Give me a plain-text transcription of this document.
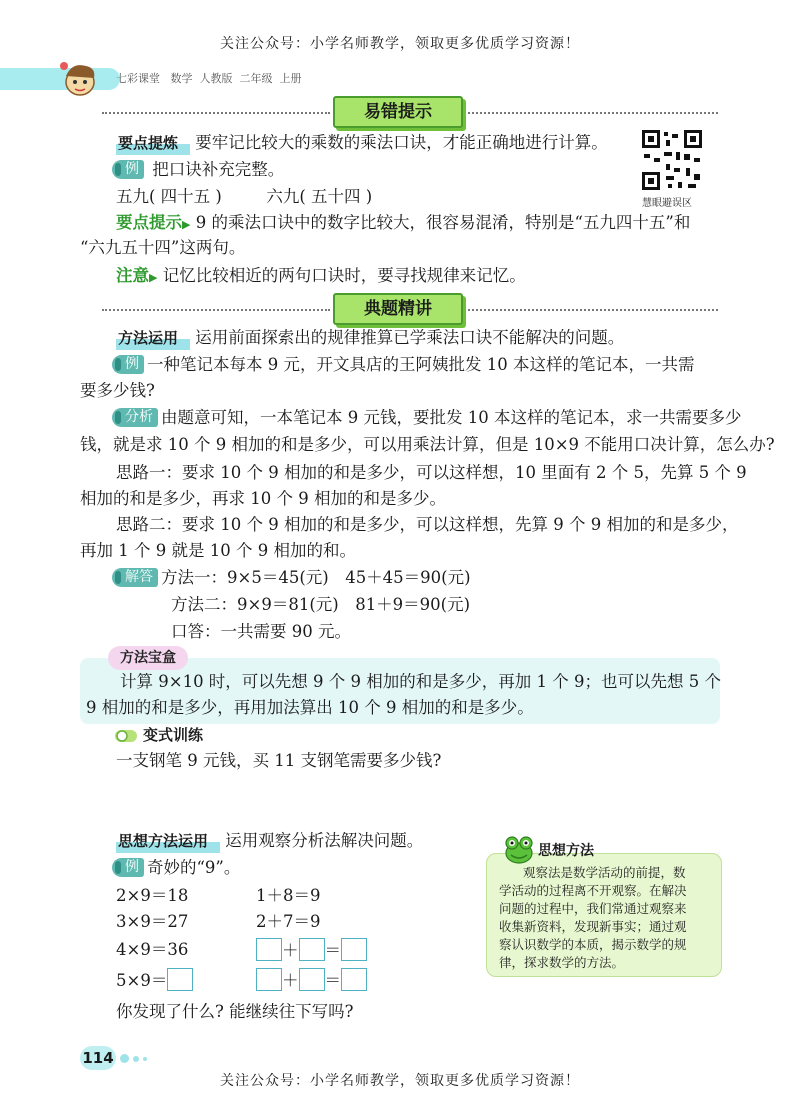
关注公众号：小学名师教学，领取更多优质学习资源！
七彩课堂 数学 人教版 二年级 上册
易错提示
要点提炼 要牢记比较大的乘数的乘法口诀，才能正确地进行计算。
慧眼避误区
例 把口诀补充完整。
五九( 四十五 )	六九( 五十四 )
要点提示▶ 9 的乘法口诀中的数字比较大，很容易混淆，特别是“五九四十五”和
“六九五十四”这两句。
注意▶ 记忆比较相近的两句口诀时，要寻找规律来记忆。
典题精讲
方法运用 运用前面探索出的规律推算已学乘法口诀不能解决的问题。
例 一种笔记本每本 9 元，开文具店的王阿姨批发 10 本这样的笔记本，一共需
要多少钱?
分析 由题意可知，一本笔记本 9 元钱，要批发 10 本这样的笔记本，求一共需要多少
钱，就是求 10 个 9 相加的和是多少，可以用乘法计算，但是 10×9 不能用口决计算，怎么办?
思路一：要求 10 个 9 相加的和是多少，可以这样想，10 里面有 2 个 5，先算 5 个 9
相加的和是多少，再求 10 个 9 相加的和是多少。
思路二：要求 10 个 9 相加的和是多少，可以这样想，先算 9 个 9 相加的和是多少，
再加 1 个 9 就是 10 个 9 相加的和。
解答 方法一：9×5＝45(元)　45＋45＝90(元)
方法二：9×9＝81(元)　81＋9＝90(元)
口答：一共需要 90 元。
计算 9×10 时，可以先想 9 个 9 相加的和是多少，再加 1 个 9；也可以先想 5 个
9 相加的和是多少，再用加法算出 10 个 9 相加的和是多少。
方法宝盒
变式训练
一支钢笔 9 元钱，买 11 支钢笔需要多少钱?
思想方法运用 运用观察分析法解决问题。
例 奇妙的“9”。
2×9＝18
3×9＝27
4×9＝36
5×9＝
1＋8＝9
2＋7＝9
＋ ＝
＋ ＝
你发现了什么? 能继续往下写吗?
观察法是数学活动的前提，数
学活动的过程离不开观察。在解决
问题的过程中，我们常通过观察来
收集新资料，发现新事实；通过观
察认识数学的本质，揭示数学的规
律，探求数学的方法。
思想方法
114
关注公众号：小学名师教学，领取更多优质学习资源！
